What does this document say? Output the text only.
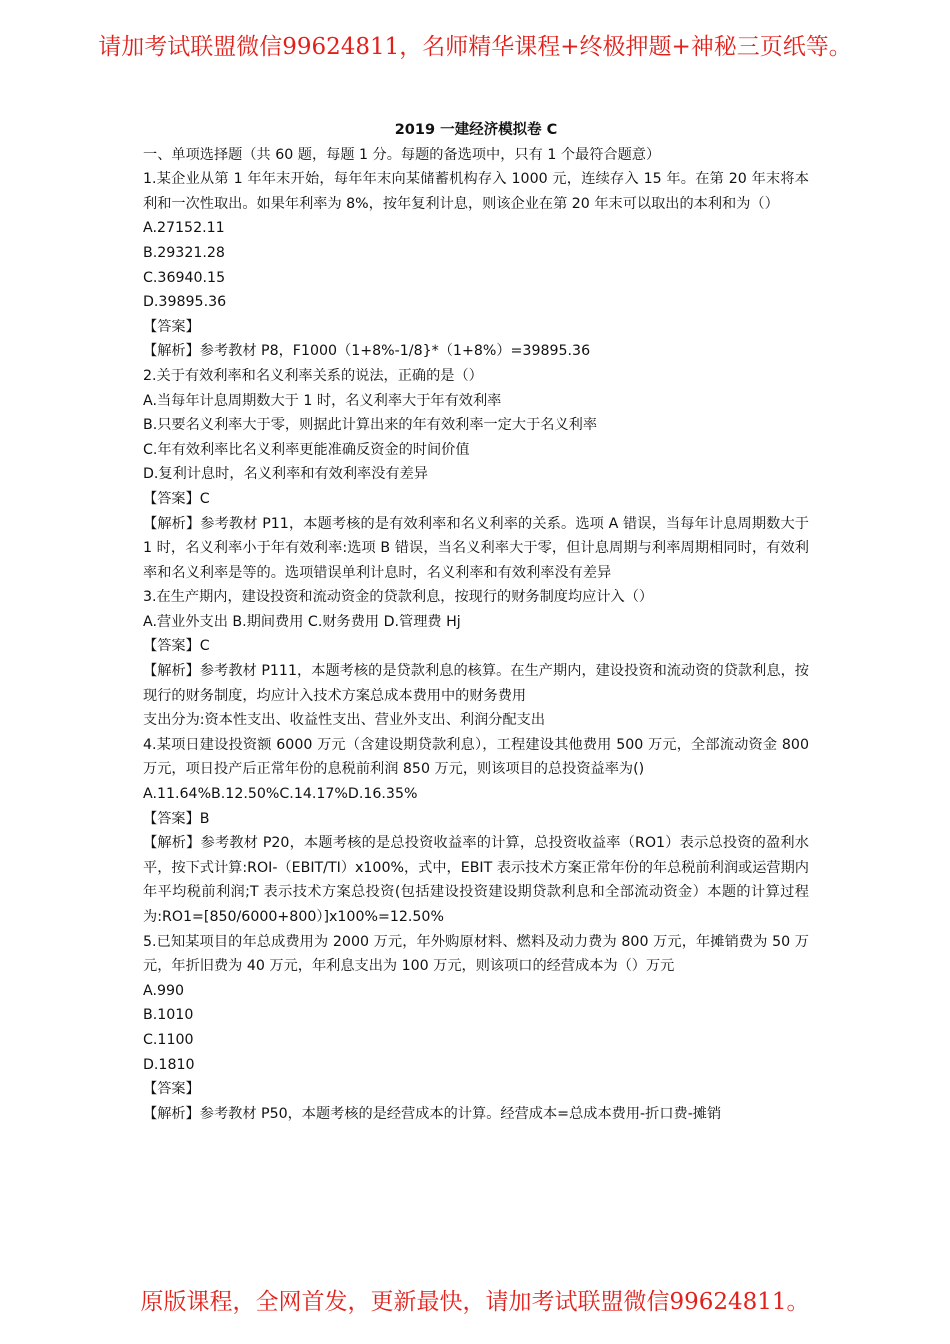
请加考试联盟微信99624811，名师精华课程+终极押题+神秘三页纸等。
2019 一建经济模拟卷 C
一、单项选择题（共 60 题，每题 1 分。每题的备选项中，只有 1 个最符合题意）
1.某企业从第 1 年年末开始，每年年末向某储蓄机构存入 1000 元，连续存入 15 年。在第 20 年末将本利和一次性取出。如果年利率为 8%，按年复利计息，则该企业在第 20 年末可以取出的本利和为（）
A.27152.11
B.29321.28
C.36940.15
D.39895.36
【答案】
【解析】参考教材 P8，F1000（1+8%-1/8}*（1+8%）=39895.36
2.关于有效利率和名义利率关系的说法，正确的是（）
A.当每年计息周期数大于 1 时，名义利率大于年有效利率
B.只要名义利率大于零，则据此计算出来的年有效利率一定大于名义利率
C.年有效利率比名义利率更能准确反资金的时间价值
D.复利计息时，名义利率和有效利率没有差异
【答案】C
【解析】参考教材 P11，本题考核的是有效利率和名义利率的关系。选项 A 错误，当每年计息周期数大于 1 时，名义利率小于年有效利率:选项 B 错误，当名义利率大于零，但计息周期与利率周期相同时，有效利率和名义利率是等的。选项错误单利计息时，名义利率和有效利率没有差异
3.在生产期内，建设投资和流动资金的贷款利息，按现行的财务制度均应计入（）
A.营业外支出 B.期间费用 C.财务费用 D.管理费 Hj
【答案】C
【解析】参考教材 P111，本题考核的是贷款利息的核算。在生产期内，建设投资和流动资的贷款利息，按现行的财务制度，均应计入技术方案总成本费用中的财务费用
支出分为:资本性支出、收益性支出、营业外支出、利润分配支出
4.某项日建设投资额 6000 万元（含建设期贷款利息），工程建设其他费用 500 万元，全部流动资金 800 万元，项日投产后正常年份的息税前利润 850 万元，则该项目的总投资益率为()
A.11.64%B.12.50%C.14.17%D.16.35%
【答案】B
【解析】参考教材 P20，本题考核的是总投资收益率的计算，总投资收益率（RO1）表示总投资的盈利水平，按下式计算:ROI-（EBIT/TI）x100%，式中，EBIT 表示技术方案正常年份的年总税前利润或运营期内年平均税前利润;T 表示技术方案总投资(包括建设投资建设期贷款利息和全部流动资金）本题的计算过程为:RO1=[850/6000+800）]x100%=12.50%
5.已知某项目的年总成费用为 2000 万元，年外购原材料、燃料及动力费为 800 万元，年摊销费为 50 万元，年折旧费为 40 万元，年利息支出为 100 万元，则该项口的经营成本为（）万元
A.990
B.1010
C.1100
D.1810
【答案】
【解析】参考教材 P50，本题考核的是经营成本的计算。经营成本=总成本费用-折口费-摊销
原版课程，全网首发，更新最快，请加考试联盟微信99624811。
